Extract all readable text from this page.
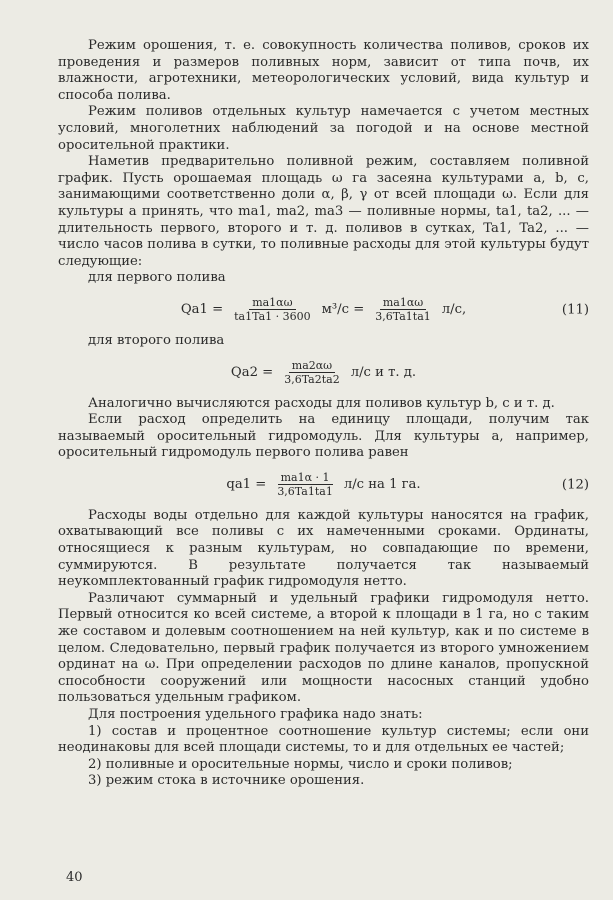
Режим орошения, т. е. совокупность количества поливов, сроков их проведения и размеров поливных норм, зависит от типа почв, их влажности, агротехники, метеорологических условий, вида культур и способа полива.

Режим поливов отдельных культур намечается с учетом местных условий, многолетних наблюдений за погодой и на основе местной оросительной практики.

Наметив предварительно поливной режим, составляем поливной график. Пусть орошаемая площадь ω га засеяна культурами a, b, c, занимающими соответственно доли α, β, γ от всей площади ω. Если для культуры a принять, что ma1, ma2, ma3 — поливные нормы, ta1, ta2, ... — длительность первого, второго и т. д. поливов в сутках, Ta1, Ta2, ... — число часов полива в сутки, то поливные расходы для этой культуры будут следующие:

для первого полива
$Qa1 = \frac{ma1\alpha\omega}{ta1Ta1 \cdot 3600} м^3/с = \frac{ma1\alpha\omega}{3,6Ta1ta1} л/с$,	(11)
для второго полива
$Qa2 = \frac{ma2\alpha\omega}{3,6Ta2ta2} л/с$ и т. д.

Аналогично вычисляются расходы для поливов культур b, c и т. д.

Если расход определить на единицу площади, получим так называемый оросительный гидромодуль. Для культуры a, например, оросительный гидромодуль первого полива равен

$qa1 = \frac{ma1\alpha \cdot 1}{3,6Ta1ta1} л/с$ на 1 га.	(12)

Расходы воды отдельно для каждой культуры наносятся на график, охватывающий все поливы с их намеченными сроками. Ординаты, относящиеся к разным культурам, но совпадающие по времени, суммируются. В результате получается так называемый неукомплектованный график гидромодуля нетто.

Различают суммарный и удельный графики гидромодуля нетто. Первый относится ко всей системе, а второй к площади в 1 га, но с таким же составом и долевым соотношением на ней культур, как и по системе в целом. Следовательно, первый график получается из второго умножением ординат на ω. При определении расходов по длине каналов, пропускной способности сооружений или мощности насосных станций удобно пользоваться удельным графиком.

Для построения удельного графика надо знать:

1) состав и процентное соотношение культур системы; если они неодинаковы для всей площади системы, то и для отдельных ее частей;

2) поливные и оросительные нормы, число и сроки поливов;

3) режим стока в источнике орошения.

40
